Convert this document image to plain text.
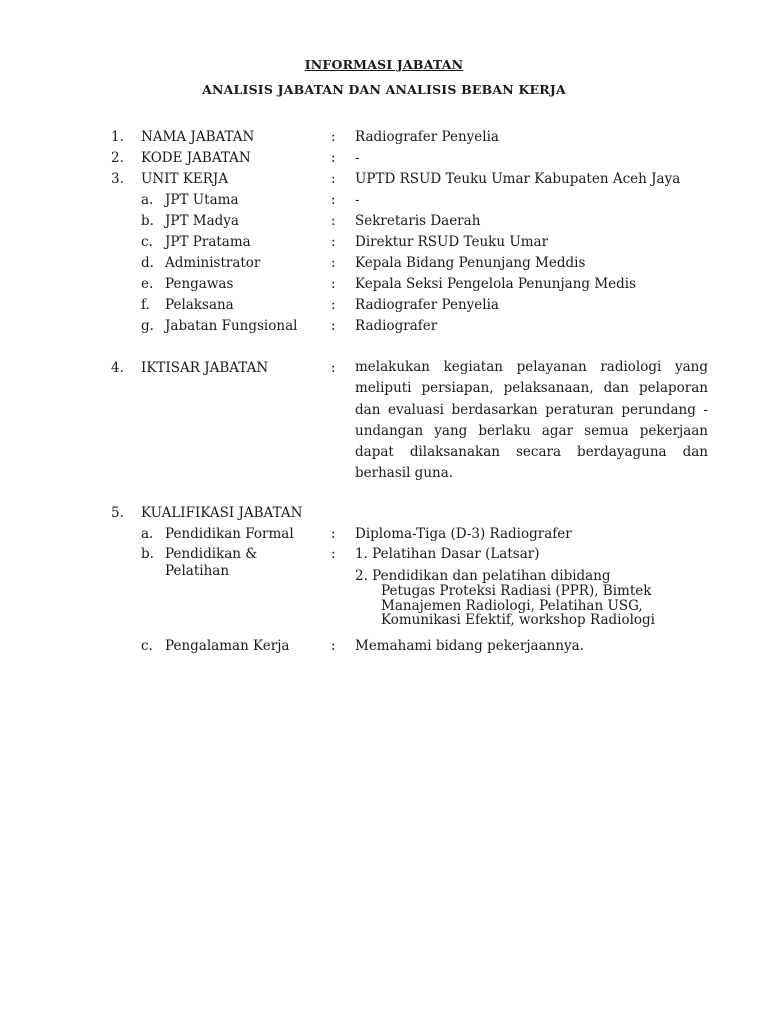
INFORMASI JABATAN
ANALISIS JABATAN DAN ANALISIS BEBAN KERJA
1. NAMA JABATAN	: Radiografer Penyelia
2. KODE JABATAN	: -
3. UNIT KERJA	: UPTD RSUD Teuku Umar Kabupaten Aceh Jaya
a. JPT Utama	: -
b. JPT Madya	: Sekretaris Daerah
c. JPT Pratama	: Direktur RSUD Teuku Umar
d. Administrator	: Kepala Bidang Penunjang Meddis
e. Pengawas	: Kepala Seksi Pengelola Penunjang Medis
f. Pelaksana	: Radiografer Penyelia
g. Jabatan Fungsional : Radiografer
4. IKTISAR JABATAN	: melakukan kegiatan pelayanan radiologi yang meliputi persiapan, pelaksanaan, dan pelaporan dan evaluasi berdasarkan peraturan perundang - undangan yang berlaku agar semua pekerjaan dapat dilaksanakan secara berdayaguna dan berhasil guna.
5. KUALIFIKASI JABATAN
a. Pendidikan Formal	: Diploma-Tiga (D-3) Radiografer
b. Pendidikan &
Pelatihan
: 1. Pelatihan Dasar (Latsar)
2. Pendidikan dan pelatihan dibidang
Petugas Proteksi Radiasi (PPR), Bimtek
Manajemen Radiologi, Pelatihan USG,
Komunikasi Efektif, workshop Radiologi
c. Pengalaman Kerja	: Memahami bidang pekerjaannya.
